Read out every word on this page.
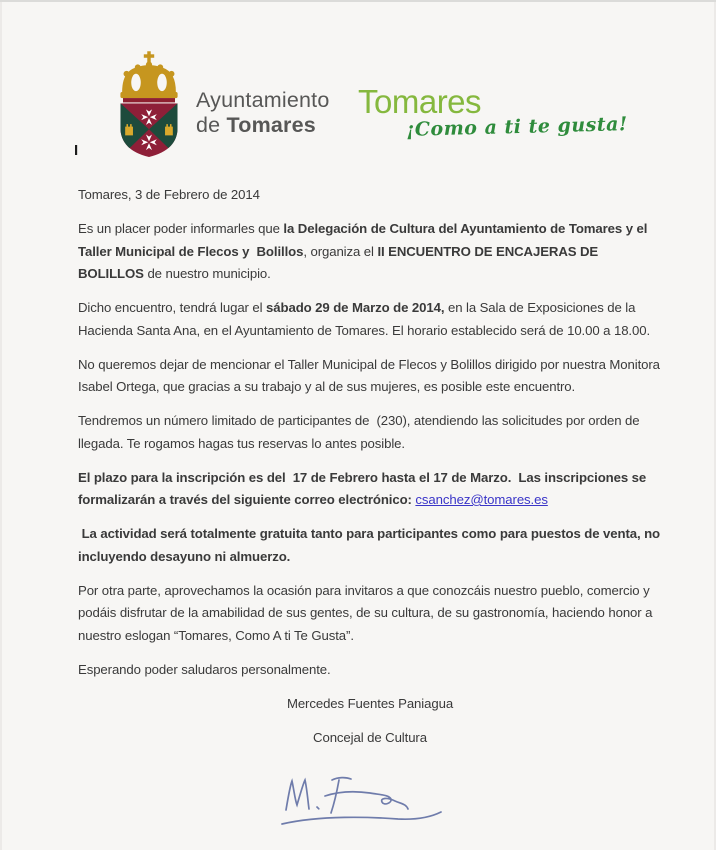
Ayuntamiento
de Tomares
Tomares
¡Como a ti te gusta!
I

Tomares, 3 de Febrero de 2014

Es un placer poder informarles que la Delegación de Cultura del Ayuntamiento de Tomares y el Taller Municipal de Flecos y  Bolillos, organiza el II ENCUENTRO DE ENCAJERAS DE BOLILLOS de nuestro municipio.

Dicho encuentro, tendrá lugar el sábado 29 de Marzo de 2014, en la Sala de Exposiciones de la Hacienda Santa Ana, en el Ayuntamiento de Tomares. El horario establecido será de 10.00 a 18.00.

No queremos dejar de mencionar el Taller Municipal de Flecos y Bolillos dirigido por nuestra Monitora Isabel Ortega, que gracias a su trabajo y al de sus mujeres, es posible este encuentro.

Tendremos un número limitado de participantes de  (230), atendiendo las solicitudes por orden de llegada. Te rogamos hagas tus reservas lo antes posible.

El plazo para la inscripción es del  17 de Febrero hasta el 17 de Marzo.  Las inscripciones se formalizarán a través del siguiente correo electrónico: csanchez@tomares.es

La actividad será totalmente gratuita tanto para participantes como para puestos de venta, no incluyendo desayuno ni almuerzo.

Por otra parte, aprovechamos la ocasión para invitaros a que conozcáis nuestro pueblo, comercio y podáis disfrutar de la amabilidad de sus gentes, de su cultura, de su gastronomía, haciendo honor a nuestro eslogan “Tomares, Como A ti Te Gusta”.

Esperando poder saludaros personalmente.

Mercedes Fuentes Paniagua

Concejal de Cultura
